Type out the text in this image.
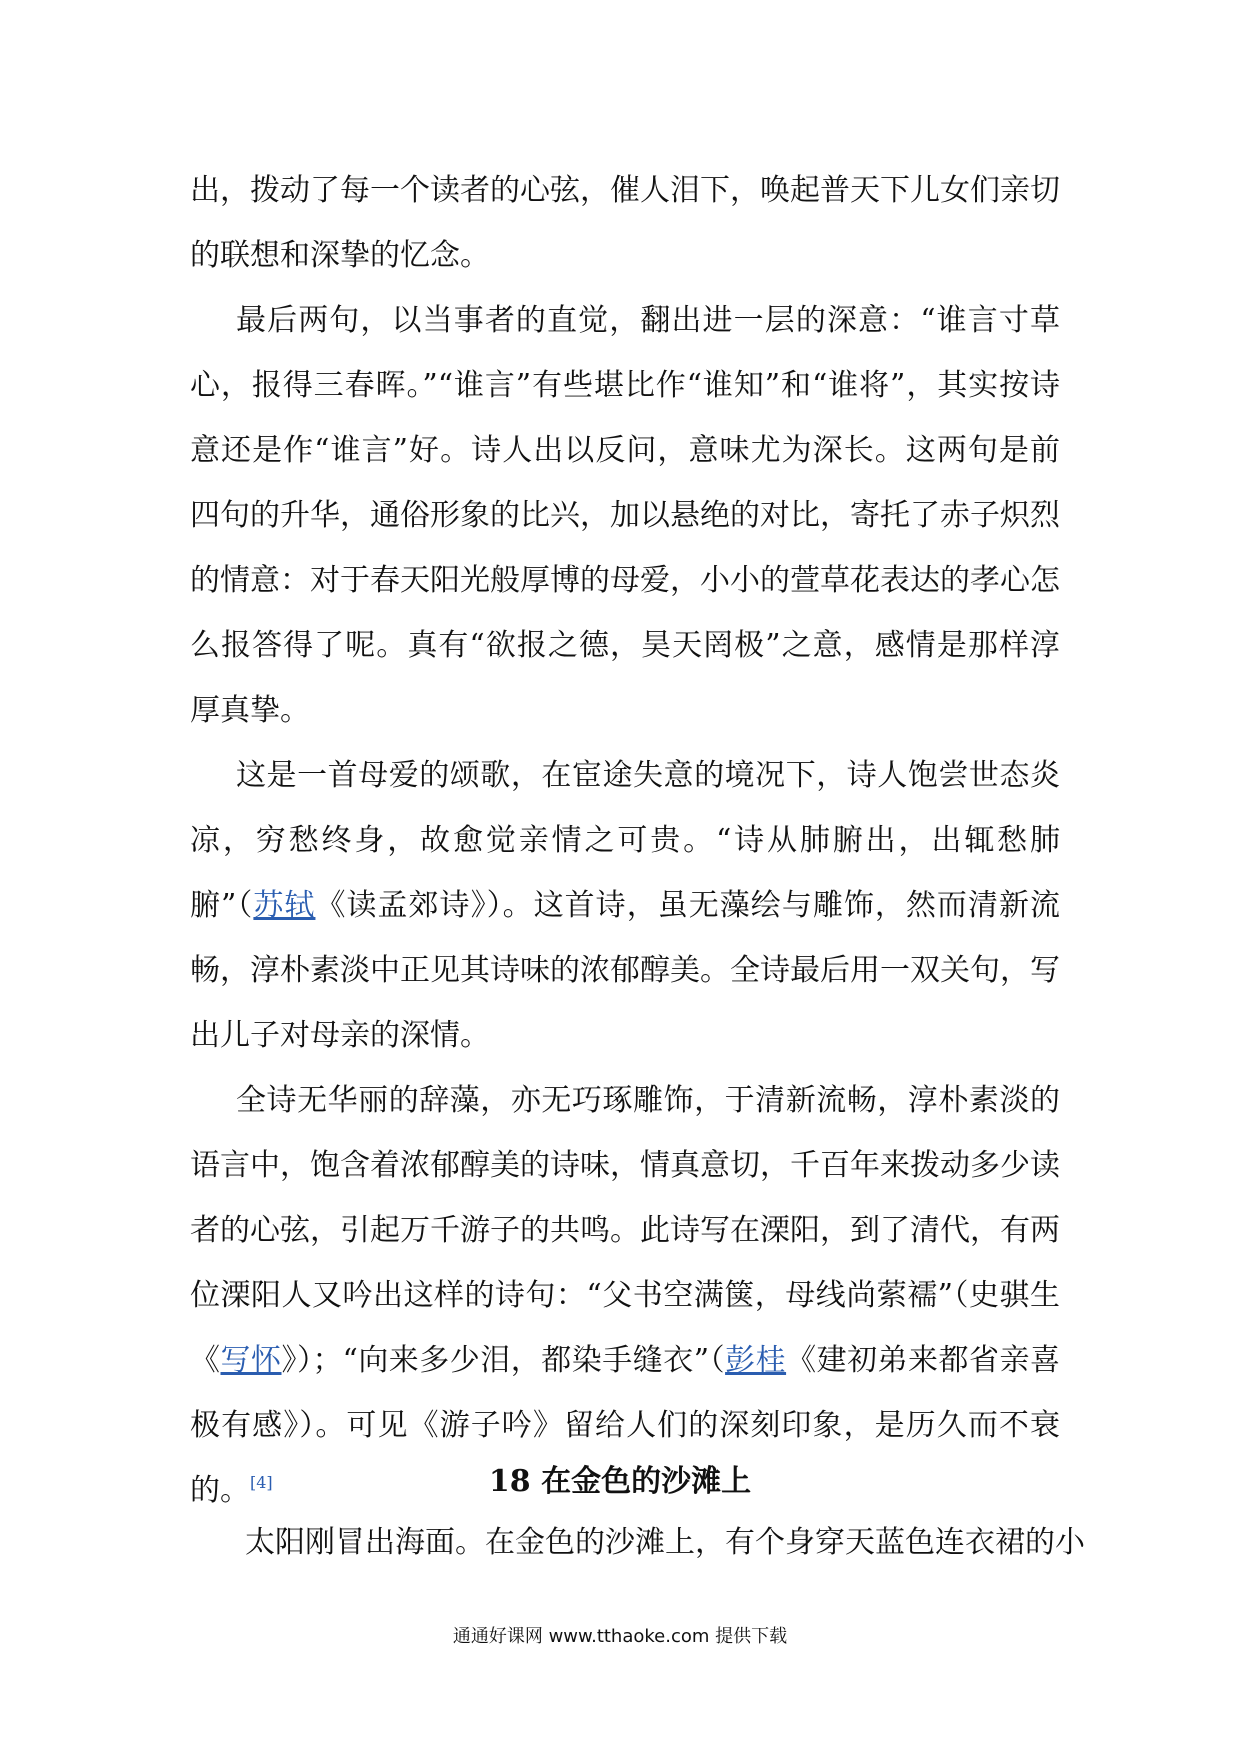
出，拨动了每一个读者的心弦，催人泪下，唤起普天下儿女们亲切的联想和深挚的忆念。

最后两句，以当事者的直觉，翻出进一层的深意：“谁言寸草心，报得三春晖。”“谁言”有些堪比作“谁知”和“谁将”，其实按诗意还是作“谁言”好。诗人出以反问，意味尤为深长。这两句是前四句的升华，通俗形象的比兴，加以悬绝的对比，寄托了赤子炽烈的情意：对于春天阳光般厚博的母爱，小小的萱草花表达的孝心怎么报答得了呢。真有“欲报之德，昊天罔极”之意，感情是那样淳厚真挚。

这是一首母爱的颂歌，在宦途失意的境况下，诗人饱尝世态炎凉，穷愁终身，故愈觉亲情之可贵。“诗从肺腑出，出辄愁肺腑”（苏轼《读孟郊诗》）。这首诗，虽无藻绘与雕饰，然而清新流畅，淳朴素淡中正见其诗味的浓郁醇美。全诗最后用一双关句，写出儿子对母亲的深情。

全诗无华丽的辞藻，亦无巧琢雕饰，于清新流畅，淳朴素淡的语言中，饱含着浓郁醇美的诗味，情真意切，千百年来拨动多少读者的心弦，引起万千游子的共鸣。此诗写在溧阳，到了清代，有两位溧阳人又吟出这样的诗句：“父书空满箧，母线尚萦襦”（史骐生《写怀》）；“向来多少泪，都染手缝衣”（彭桂《建初弟来都省亲喜极有感》）。可见《游子吟》留给人们的深刻印象，是历久而不衰的。[4]	18 在金色的沙滩上

太阳刚冒出海面。在金色的沙滩上，有个身穿天蓝色连衣裙的小

通通好课网 www.tthaoke.com 提供下载
